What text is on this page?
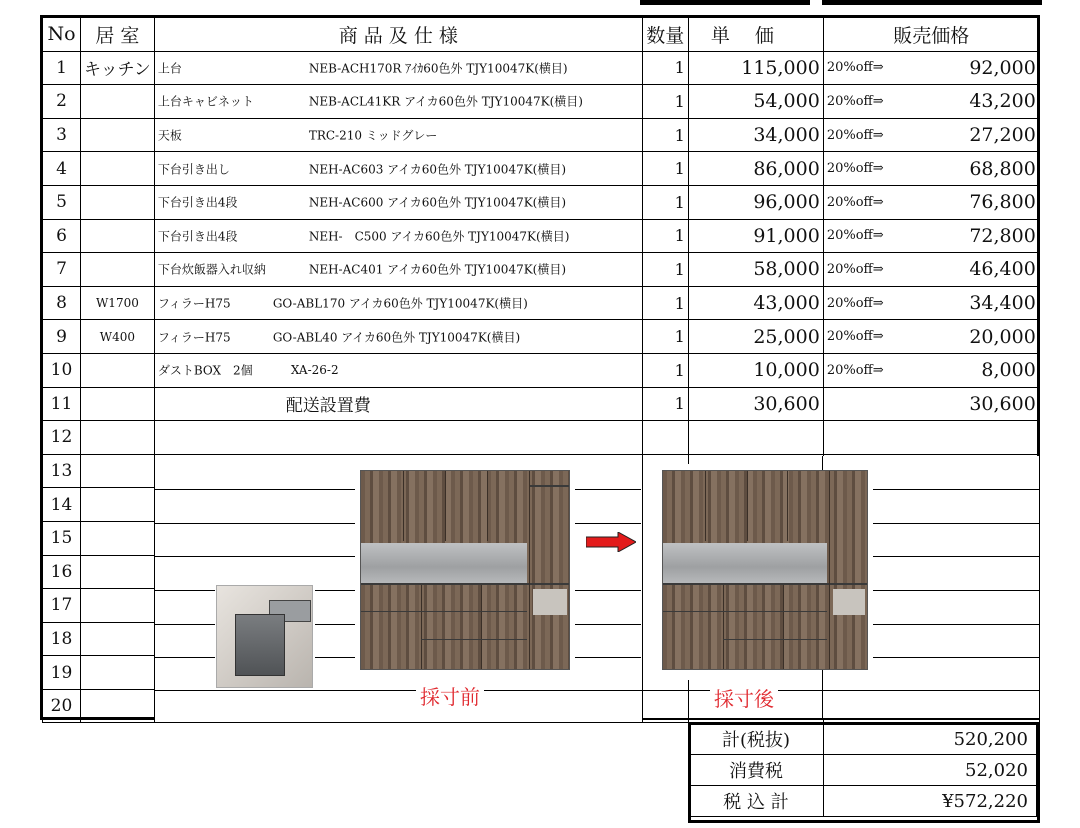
No	居 室	商 品 及 仕 様	数量	単　 価	販売価格	
1	キッチン	上台 NEB-ACH170R ｱｲｶ60色外 TJY10047K(横目)	1	115,000	20%off⇒	92,000
2		上台キャビネット NEB-ACL41KR アイカ60色外 TJY10047K(横目)	1	54,000	20%off⇒	43,200
3		天板 TRC-210 ミッドグレー	1	34,000	20%off⇒	27,200
4		下台引き出し NEH-AC603 アイカ60色外 TJY10047K(横目)	1	86,000	20%off⇒	68,800
5		下台引き出4段 NEH-AC600 アイカ60色外 TJY10047K(横目)	1	96,000	20%off⇒	76,800
6		下台引き出4段 NEH-　C500 アイカ60色外 TJY10047K(横目)	1	91,000	20%off⇒	72,800
7		下台炊飯器入れ収納 NEH-AC401 アイカ60色外 TJY10047K(横目)	1	58,000	20%off⇒	46,400
8	W1700	フィラーH75 GO-ABL170 アイカ60色外 TJY10047K(横目)	1	43,000	20%off⇒	34,400
9	W400	フィラーH75 GO-ABL40 アイカ60色外 TJY10047K(横目)	1	25,000	20%off⇒	20,000
10		ダストBOX　2個 XA-26-2	1	10,000	20%off⇒	8,000
11		配送設置費	1	30,600		30,600
12		

13		

14		

15		

16		

17		

18		

19		

20		
					採寸前	採寸後
計(税抜)	520,200
消費税	52,020
税 込 計	¥572,220
